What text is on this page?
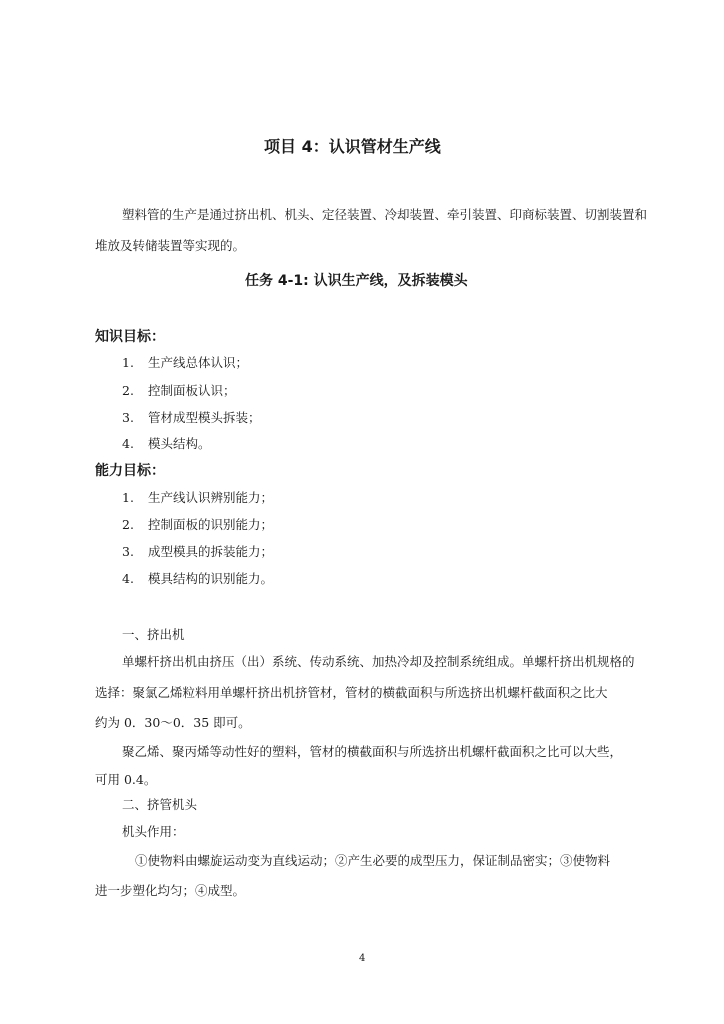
项目 4：认识管材生产线
塑料管的生产是通过挤出机、机头、定径装置、冷却装置、牵引装置、印商标装置、切割装置和
堆放及转储装置等实现的。
任务 4-1: 认识生产线，及拆装模头
知识目标：
1. 生产线总体认识；
2. 控制面板认识；
3. 管材成型模头拆装；
4. 模头结构。
能力目标：
1. 生产线认识辨别能力；
2. 控制面板的识别能力；
3. 成型模具的拆装能力；
4. 模具结构的识别能力。
一、挤出机
单螺杆挤出机由挤压（出）系统、传动系统、加热冷却及控制系统组成。单螺杆挤出机规格的
选择：聚氯乙烯粒料用单螺杆挤出机挤管材，管材的横截面积与所选挤出机螺杆截面积之比大
约为 0．30～0．35 即可。
聚乙烯、聚丙烯等动性好的塑料，管材的横截面积与所选挤出机螺杆截面积之比可以大些，
可用 0.4。
二、挤管机头
机头作用：
①使物料由螺旋运动变为直线运动；②产生必要的成型压力，保证制品密实；③使物料
进一步塑化均匀；④成型。
4
